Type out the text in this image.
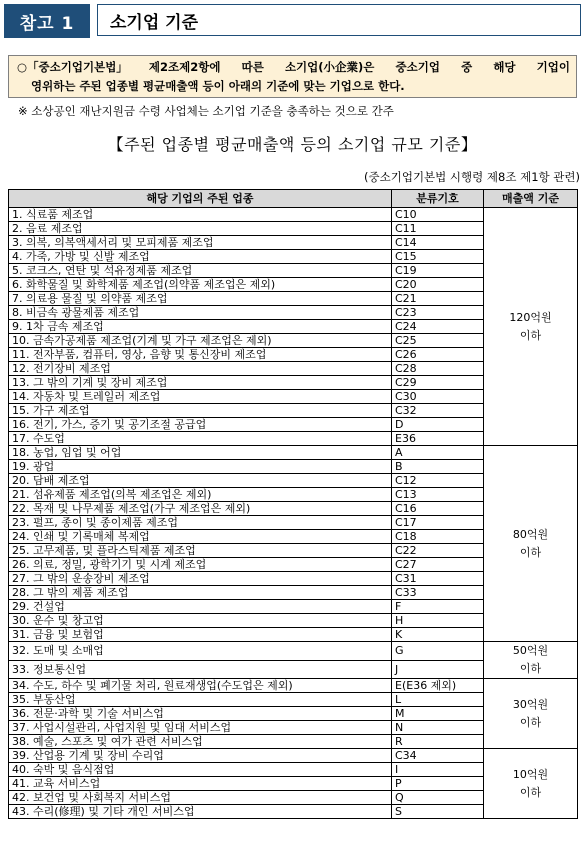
참고 1	소기업 기준
○「중소기업기본법」 제2조제2항에 따른 소기업(小企業)은 중소기업 중 해당 기업이
영위하는 주된 업종별 평균매출액 등이 아래의 기준에 맞는 기업으로 한다.
※ 소상공인 재난지원금 수령 사업체는 소기업 기준을 충족하는 것으로 간주
【주된 업종별 평균매출액 등의 소기업 규모 기준】
(중소기업기본법 시행령 제8조 제1항 관련)
해당 기업의 주된 업종	분류기호	매출액 기준
1. 식료품 제조업	C10	120억원
이하
2. 음료 제조업	C11	
3. 의복, 의복액세서리 및 모피제품 제조업	C14	
4. 가죽, 가방 및 신발 제조업	C15	
5. 코크스, 연탄 및 석유정제품 제조업	C19	
6. 화학물질 및 화학제품 제조업(의약품 제조업은 제외)	C20	
7. 의료용 물질 및 의약품 제조업	C21	
8. 비금속 광물제품 제조업	C23	
9. 1차 금속 제조업	C24	
10. 금속가공제품 제조업(기계 및 가구 제조업은 제외)	C25	
11. 전자부품, 컴퓨터, 영상, 음향 및 통신장비 제조업	C26	
12. 전기장비 제조업	C28	
13. 그 밖의 기계 및 장비 제조업	C29	
14. 자동차 및 트레일러 제조업	C30	
15. 가구 제조업	C32	
16. 전기, 가스, 증기 및 공기조절 공급업	D	
17. 수도업	E36	
18. 농업, 임업 및 어업	A	80억원
이하
19. 광업	B	
20. 담배 제조업	C12	
21. 섬유제품 제조업(의복 제조업은 제외)	C13	
22. 목재 및 나무제품 제조업(가구 제조업은 제외)	C16	
23. 펄프, 종이 및 종이제품 제조업	C17	
24. 인쇄 및 기록매체 복제업	C18	
25. 고무제품, 및 플라스틱제품 제조업	C22	
26. 의료, 정밀, 광학기기 및 시계 제조업	C27	
27. 그 밖의 운송장비 제조업	C31	
28. 그 밖의 제품 제조업	C33	
29. 건설업	F	
30. 운수 및 창고업	H	
31. 금융 및 보험업	K	
32. 도매 및 소매업	G	50억원
이하
33. 정보통신업	J	
34. 수도, 하수 및 폐기물 처리, 원료재생업(수도업은 제외)	E(E36 제외)	30억원
이하
35. 부동산업	L	
36. 전문·과학 및 기술 서비스업	M	
37. 사업시설관리, 사업지원 및 임대 서비스업	N	
38. 예술, 스포츠 및 여가 관련 서비스업	R	
39. 산업용 기계 및 장비 수리업	C34	10억원
이하
40. 숙박 및 음식점업	I	
41. 교육 서비스업	P	
42. 보건업 및 사회복지 서비스업	Q	
43. 수리(修理) 및 기타 개인 서비스업	S	
